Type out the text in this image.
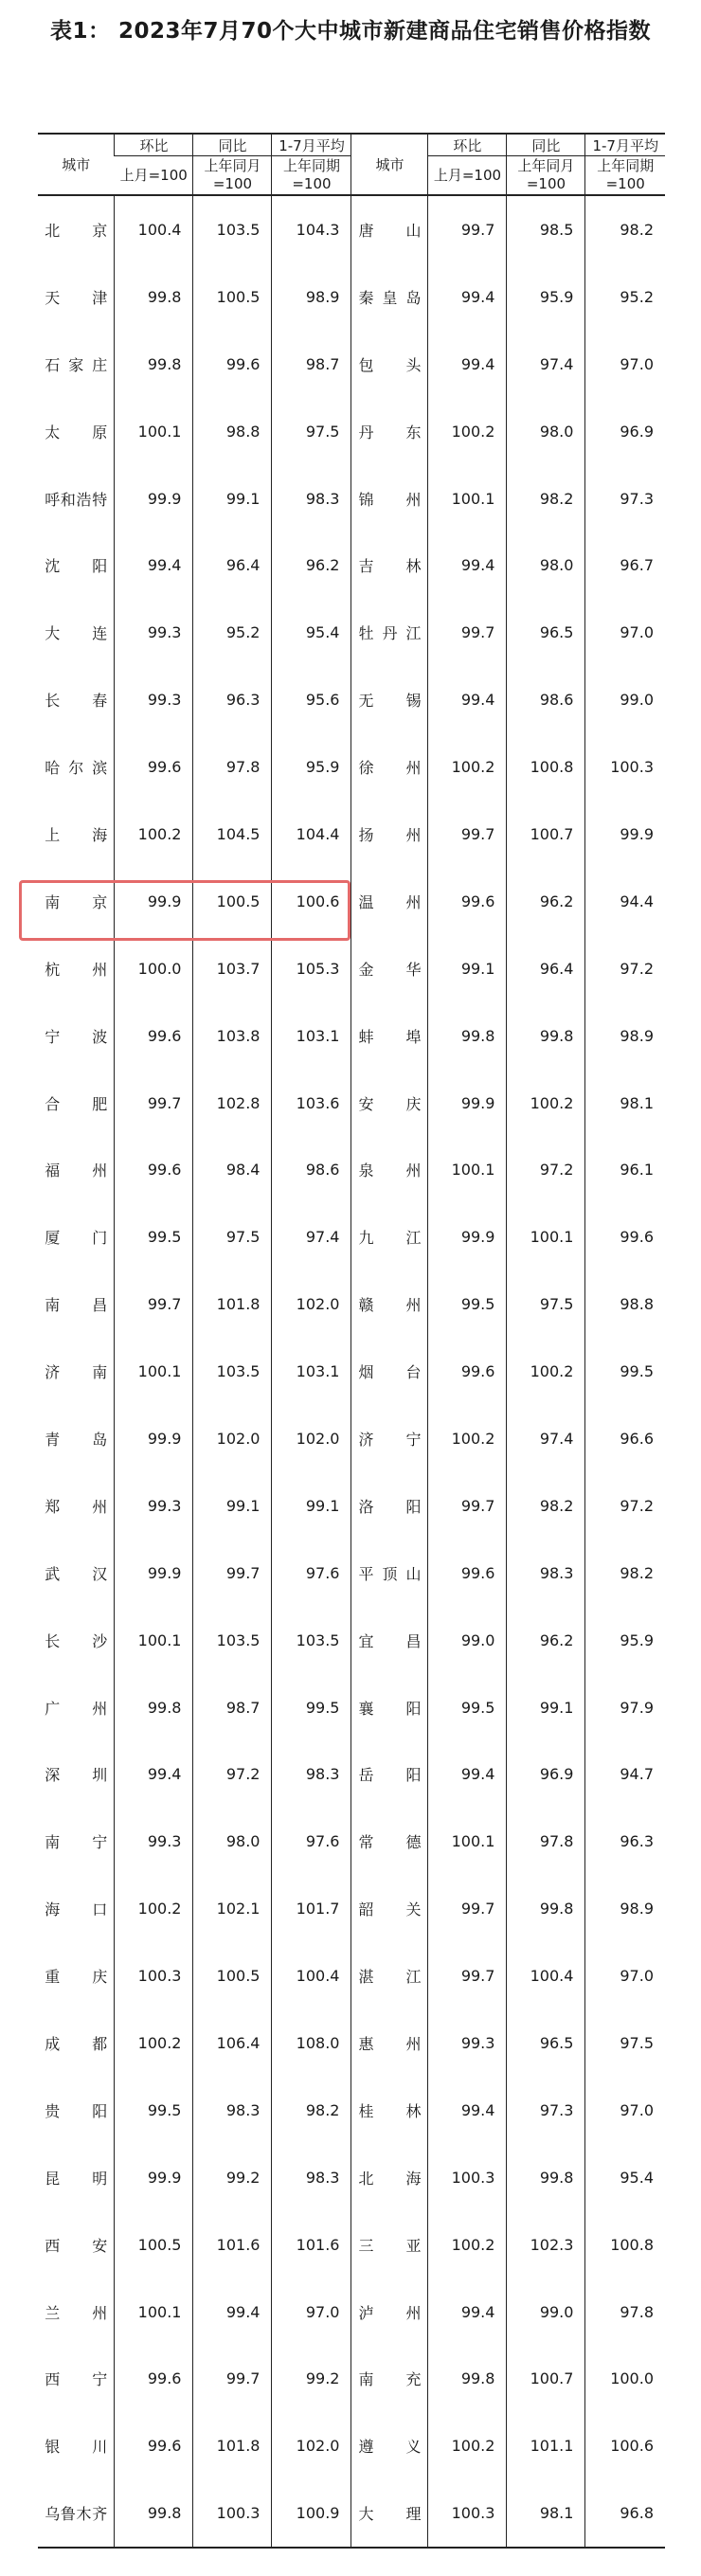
表1： 2023年7月70个大中城市新建商品住宅销售价格指数
城市	环比	同比	1-7月平均	城市	环比	同比	1-7月平均
	上月=100	上年同月=100	上年同期=100		上月=100	上年同月=100	上年同期=100
北京	100.4	103.5	104.3	唐山	99.7	98.5	98.2
天津	99.8	100.5	98.9	秦皇岛	99.4	95.9	95.2
石家庄	99.8	99.6	98.7	包头	99.4	97.4	97.0
太原	100.1	98.8	97.5	丹东	100.2	98.0	96.9
呼和浩特	99.9	99.1	98.3	锦州	100.1	98.2	97.3
沈阳	99.4	96.4	96.2	吉林	99.4	98.0	96.7
大连	99.3	95.2	95.4	牡丹江	99.7	96.5	97.0
长春	99.3	96.3	95.6	无锡	99.4	98.6	99.0
哈尔滨	99.6	97.8	95.9	徐州	100.2	100.8	100.3
上海	100.2	104.5	104.4	扬州	99.7	100.7	99.9
南京	99.9	100.5	100.6	温州	99.6	96.2	94.4
杭州	100.0	103.7	105.3	金华	99.1	96.4	97.2
宁波	99.6	103.8	103.1	蚌埠	99.8	99.8	98.9
合肥	99.7	102.8	103.6	安庆	99.9	100.2	98.1
福州	99.6	98.4	98.6	泉州	100.1	97.2	96.1
厦门	99.5	97.5	97.4	九江	99.9	100.1	99.6
南昌	99.7	101.8	102.0	赣州	99.5	97.5	98.8
济南	100.1	103.5	103.1	烟台	99.6	100.2	99.5
青岛	99.9	102.0	102.0	济宁	100.2	97.4	96.6
郑州	99.3	99.1	99.1	洛阳	99.7	98.2	97.2
武汉	99.9	99.7	97.6	平顶山	99.6	98.3	98.2
长沙	100.1	103.5	103.5	宜昌	99.0	96.2	95.9
广州	99.8	98.7	99.5	襄阳	99.5	99.1	97.9
深圳	99.4	97.2	98.3	岳阳	99.4	96.9	94.7
南宁	99.3	98.0	97.6	常德	100.1	97.8	96.3
海口	100.2	102.1	101.7	韶关	99.7	99.8	98.9
重庆	100.3	100.5	100.4	湛江	99.7	100.4	97.0
成都	100.2	106.4	108.0	惠州	99.3	96.5	97.5
贵阳	99.5	98.3	98.2	桂林	99.4	97.3	97.0
昆明	99.9	99.2	98.3	北海	100.3	99.8	95.4
西安	100.5	101.6	101.6	三亚	100.2	102.3	100.8
兰州	100.1	99.4	97.0	泸州	99.4	99.0	97.8
西宁	99.6	99.7	99.2	南充	99.8	100.7	100.0
银川	99.6	101.8	102.0	遵义	100.2	101.1	100.6
乌鲁木齐	99.8	100.3	100.9	大理	100.3	98.1	96.8
